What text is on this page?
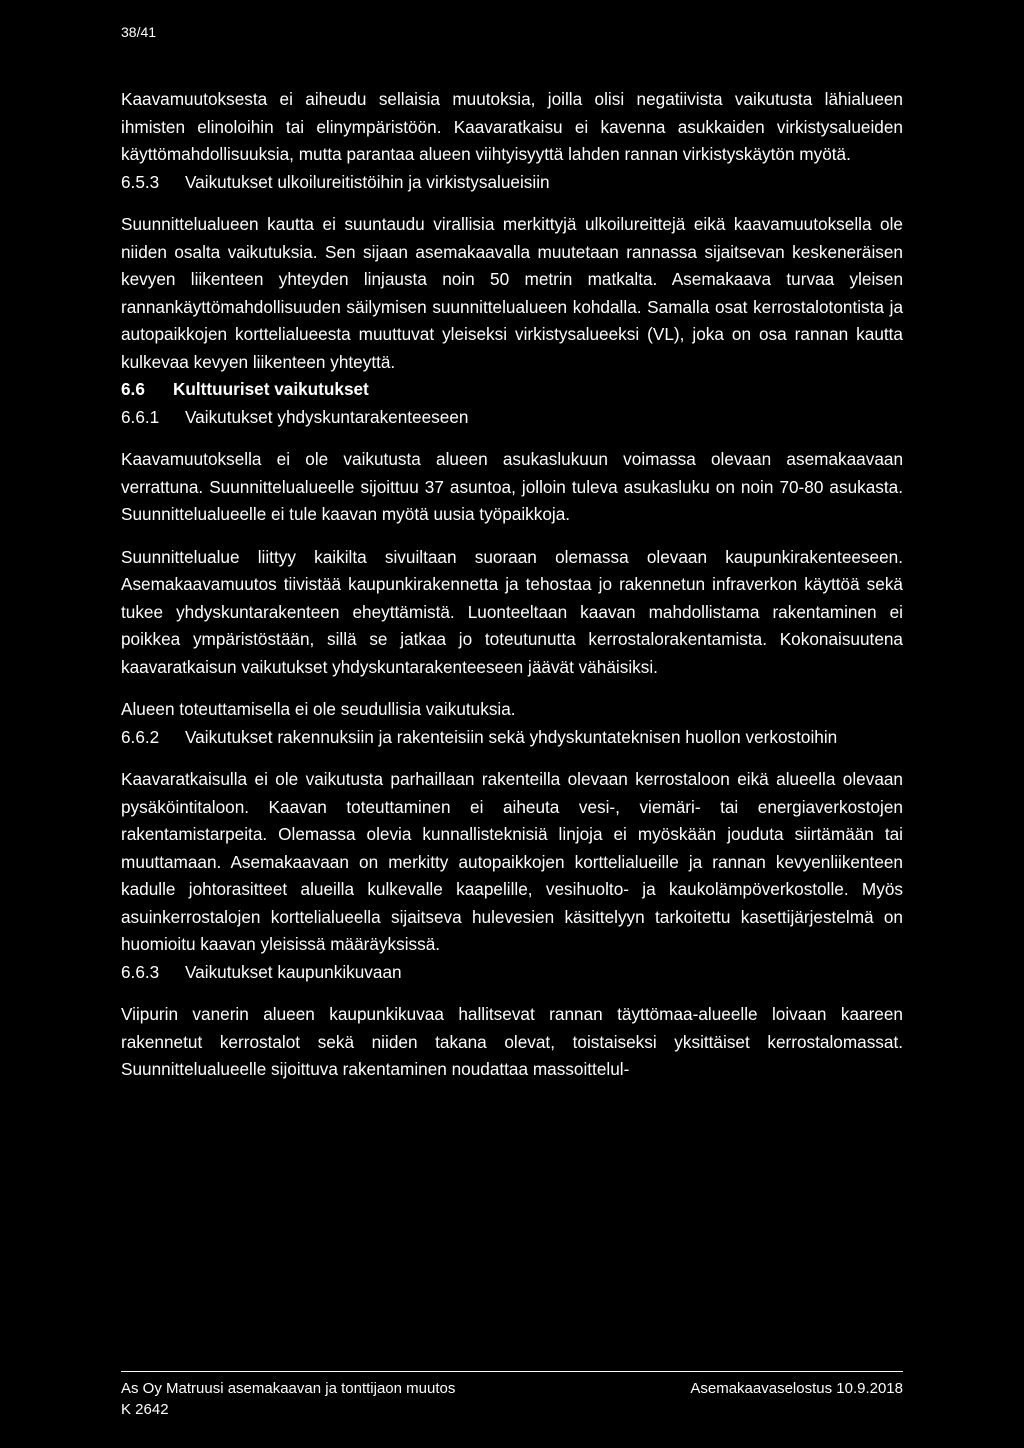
38/41

Kaavamuutoksesta ei aiheudu sellaisia muutoksia, joilla olisi negatiivista vaikutusta lähialueen ihmisten elinoloihin tai elinympäristöön. Kaavaratkaisu ei kavenna asukkaiden virkistysalueiden käyttömahdollisuuksia, mutta parantaa alueen viihtyisyyttä lahden rannan virkistyskäytön myötä.

6.5.3	Vaikutukset ulkoilureitistöihin ja virkistysalueisiin

Suunnittelualueen kautta ei suuntaudu virallisia merkittyjä ulkoilureittejä eikä kaavamuutoksella ole niiden osalta vaikutuksia. Sen sijaan asemakaavalla muutetaan rannassa sijaitsevan keskeneräisen kevyen liikenteen yhteyden linjausta noin 50 metrin matkalta. Asemakaava turvaa yleisen rannankäyttömahdollisuuden säilymisen suunnittelualueen kohdalla. Samalla osat kerrostalotontista ja autopaikkojen korttelialueesta muuttuvat yleiseksi virkistysalueeksi (VL), joka on osa rannan kautta kulkevaa kevyen liikenteen yhteyttä.

6.6	Kulttuuriset vaikutukset
6.6.1	Vaikutukset yhdyskuntarakenteeseen

Kaavamuutoksella ei ole vaikutusta alueen asukaslukuun voimassa olevaan asemakaavaan verrattuna. Suunnittelualueelle sijoittuu 37 asuntoa, jolloin tuleva asukasluku on noin 70-80 asukasta. Suunnittelualueelle ei tule kaavan myötä uusia työpaikkoja.

Suunnittelualue liittyy kaikilta sivuiltaan suoraan olemassa olevaan kaupunkirakenteeseen. Asemakaavamuutos tiivistää kaupunkirakennetta ja tehostaa jo rakennetun infraverkon käyttöä sekä tukee yhdyskuntarakenteen eheyttämistä. Luonteeltaan kaavan mahdollistama rakentaminen ei poikkea ympäristöstään, sillä se jatkaa jo toteutunutta kerrostalorakentamista. Kokonaisuutena kaavaratkaisun vaikutukset yhdyskuntarakenteeseen jäävät vähäisiksi.

Alueen toteuttamisella ei ole seudullisia vaikutuksia.

6.6.2	Vaikutukset rakennuksiin ja rakenteisiin sekä yhdyskuntateknisen huollon verkostoihin

Kaavaratkaisulla ei ole vaikutusta parhaillaan rakenteilla olevaan kerrostaloon eikä alueella olevaan pysäköintitaloon. Kaavan toteuttaminen ei aiheuta vesi-, viemäri- tai energiaverkostojen rakentamistarpeita. Olemassa olevia kunnallisteknisiä linjoja ei myöskään jouduta siirtämään tai muuttamaan. Asemakaavaan on merkitty autopaikkojen korttelialueille ja rannan kevyenliikenteen kadulle johtorasitteet alueilla kulkevalle kaapelille, vesihuolto- ja kaukolämpöverkostolle. Myös asuinkerrostalojen korttelialueella sijaitseva hulevesien käsittelyyn tarkoitettu kasettijärjestelmä on huomioitu kaavan yleisissä määräyksissä.

6.6.3	Vaikutukset kaupunkikuvaan

Viipurin vanerin alueen kaupunkikuvaa hallitsevat rannan täyttömaa-alueelle loivaan kaareen rakennetut kerrostalot sekä niiden takana olevat, toistaiseksi yksittäiset kerrostalomassat. Suunnittelualueelle sijoittuva rakentaminen noudattaa massoittelul-

As Oy Matruusi asemakaavan ja tonttijaon muutos	Asemakaavaselostus 10.9.2018
K 2642
